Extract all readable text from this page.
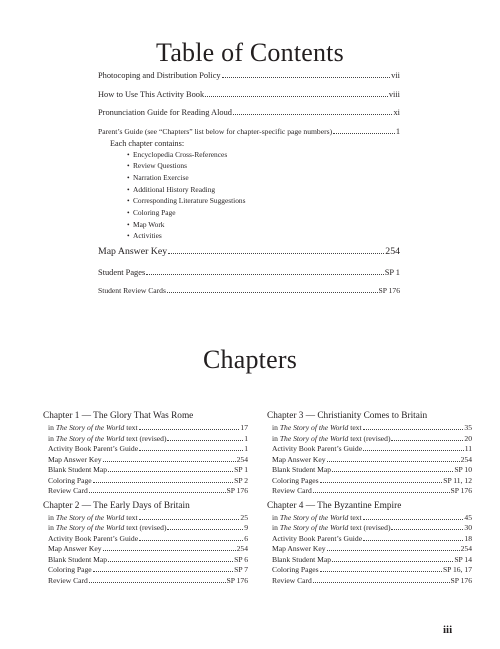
Table of Contents
Photocoping and Distribution Policy	vii
How to Use This Activity Book	viii
Pronunciation Guide for Reading Aloud	xi
Parent’s Guide (see “Chapters” list below for chapter-specific page numbers)	1
Each chapter contains:
• Encyclopedia Cross-References
• Review Questions
• Narration Exercise
• Additional History Reading
• Corresponding Literature Suggestions
• Coloring Page
• Map Work
• Activities
Map Answer Key	254
Student Pages	SP 1
Student Review Cards	SP 176
Chapters
Chapter 1 — The Glory That Was Rome
in The Story of the World text	17
in The Story of the World text (revised)	1
Activity Book Parent’s Guide	1
Map Answer Key	254
Blank Student Map	SP 1
Coloring Page	SP 2
Review Card	SP 176
Chapter 2 — The Early Days of Britain
in The Story of the World text	25
in The Story of the World text (revised)	9
Activity Book Parent’s Guide	6
Map Answer Key	254
Blank Student Map	SP 6
Coloring Page	SP 7
Review Card	SP 176
Chapter 3 — Christianity Comes to Britain
in The Story of the World text	35
in The Story of the World text (revised)	20
Activity Book Parent’s Guide	11
Map Answer Key	254
Blank Student Map	SP 10
Coloring Pages	SP 11, 12
Review Card	SP 176
Chapter 4 — The Byzantine Empire
in The Story of the World text	45
in The Story of the World text (revised)	30
Activity Book Parent’s Guide	18
Map Answer Key	254
Blank Student Map	SP 14
Coloring Pages	SP 16, 17
Review Card	SP 176
iii
